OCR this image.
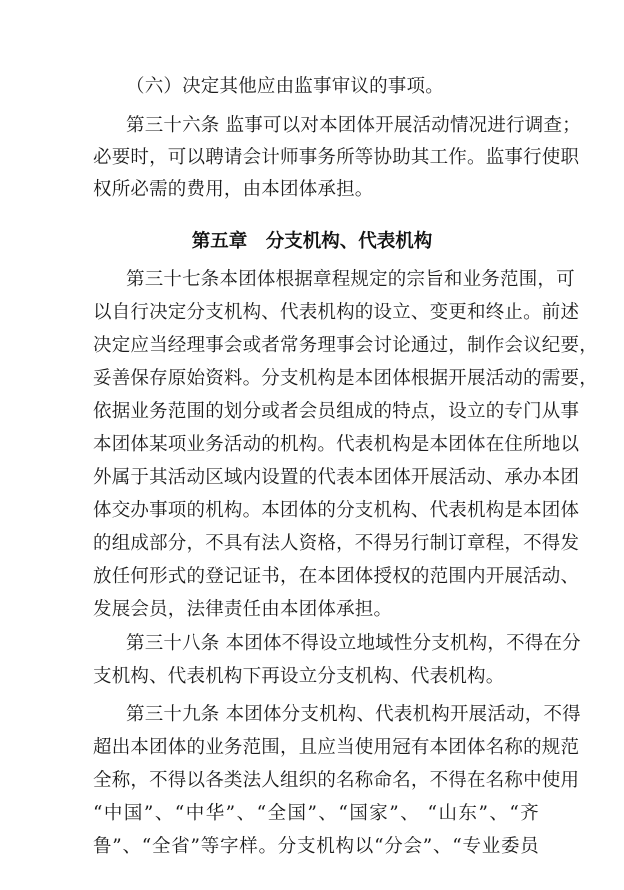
（六）决定其他应由监事审议的事项。
第三十六条 监事可以对本团体开展活动情况进行调查；
必要时，可以聘请会计师事务所等协助其工作。监事行使职
权所必需的费用，由本团体承担。
第五章　分支机构、代表机构
第三十七条本团体根据章程规定的宗旨和业务范围，可
以自行决定分支机构、代表机构的设立、变更和终止。前述
决定应当经理事会或者常务理事会讨论通过，制作会议纪要，
妥善保存原始资料。分支机构是本团体根据开展活动的需要，
依据业务范围的划分或者会员组成的特点，设立的专门从事
本团体某项业务活动的机构。代表机构是本团体在住所地以
外属于其活动区域内设置的代表本团体开展活动、承办本团
体交办事项的机构。本团体的分支机构、代表机构是本团体
的组成部分，不具有法人资格，不得另行制订章程，不得发
放任何形式的登记证书，在本团体授权的范围内开展活动、
发展会员，法律责任由本团体承担。
第三十八条 本团体不得设立地域性分支机构，不得在分
支机构、代表机构下再设立分支机构、代表机构。
第三十九条 本团体分支机构、代表机构开展活动，不得
超出本团体的业务范围，且应当使用冠有本团体名称的规范
全称，不得以各类法人组织的名称命名，不得在名称中使用
“中国”、“中华”、“全国”、“国家”、 “山东”、“齐
鲁”、“全省”等字样。分支机构以“分会”、“专业委员
